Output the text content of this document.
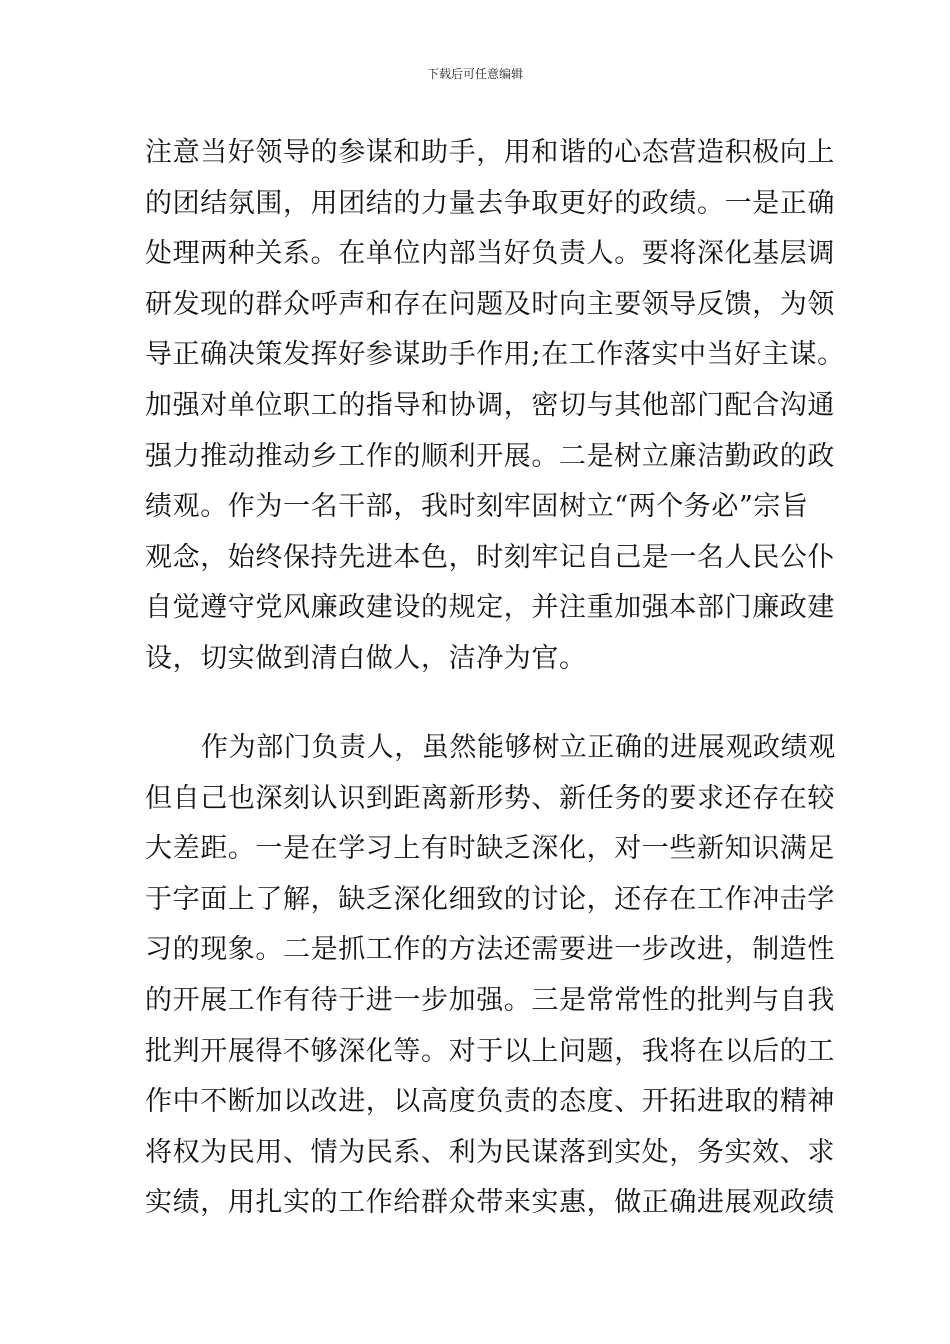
下载后可任意编辑
注意当好领导的参谋和助手，用和谐的心态营造积极向上
的团结氛围，用团结的力量去争取更好的政绩。一是正确
处理两种关系。在单位内部当好负责人。要将深化基层调
研发现的群众呼声和存在问题及时向主要领导反馈，为领
导正确决策发挥好参谋助手作用;在工作落实中当好主谋。
加强对单位职工的指导和协调，密切与其他部门配合沟通
强力推动推动乡工作的顺利开展。二是树立廉洁勤政的政
绩观。作为一名干部，我时刻牢固树立“两个务必”宗旨
观念，始终保持先进本色，时刻牢记自己是一名人民公仆
自觉遵守党风廉政建设的规定，并注重加强本部门廉政建
设，切实做到清白做人，洁净为官。
作为部门负责人，虽然能够树立正确的进展观政绩观
但自己也深刻认识到距离新形势、新任务的要求还存在较
大差距。一是在学习上有时缺乏深化，对一些新知识满足
于字面上了解，缺乏深化细致的讨论，还存在工作冲击学
习的现象。二是抓工作的方法还需要进一步改进，制造性
的开展工作有待于进一步加强。三是常常性的批判与自我
批判开展得不够深化等。对于以上问题，我将在以后的工
作中不断加以改进，以高度负责的态度、开拓进取的精神
将权为民用、情为民系、利为民谋落到实处，务实效、求
实绩，用扎实的工作给群众带来实惠，做正确进展观政绩
